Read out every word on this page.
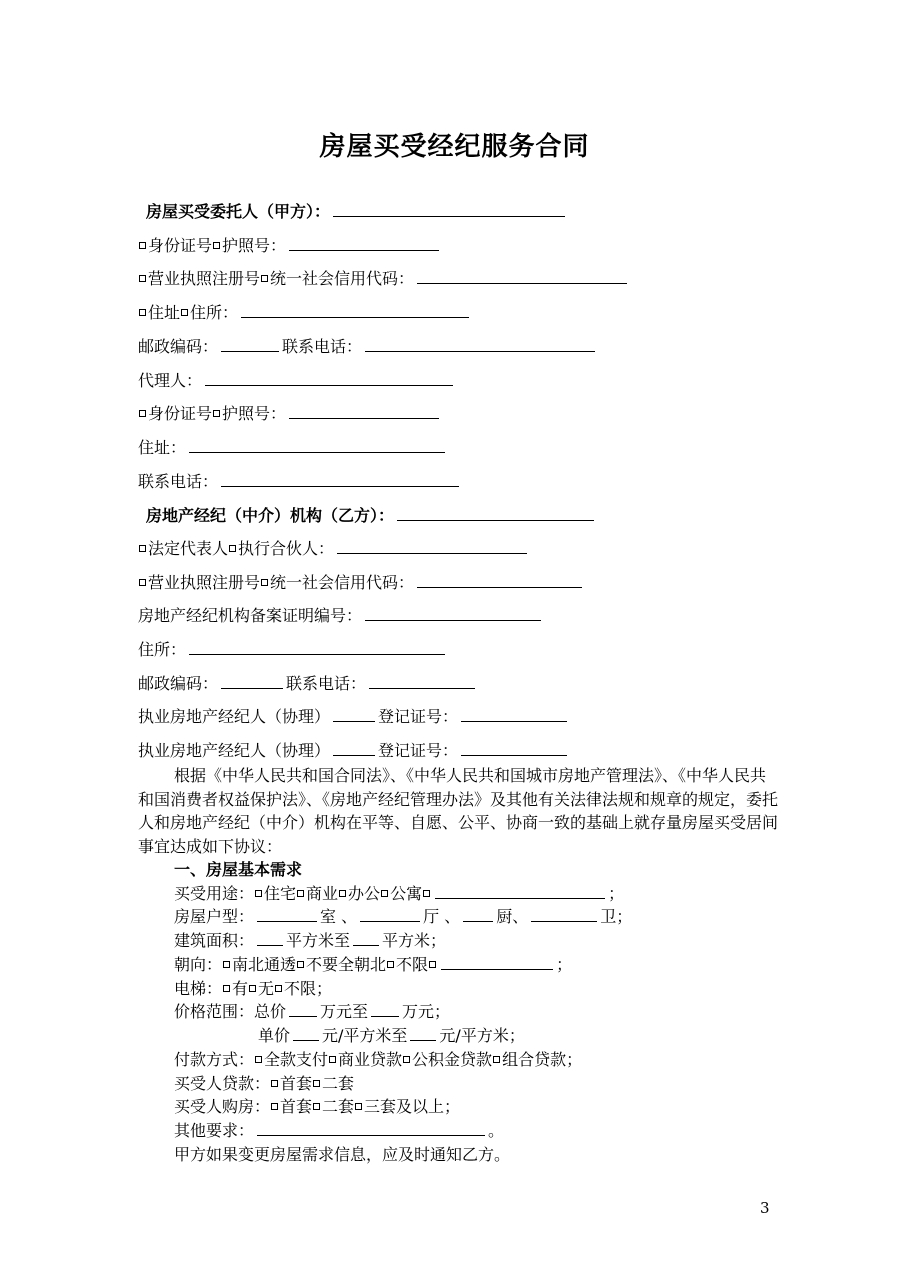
房屋买受经纪服务合同
房屋买受委托人（甲方）：
身份证号 护照号：
营业执照注册号 统一社会信用代码：
住址 住所：
邮政编码：	联系电话：
代理人：
身份证号 护照号：
住址：
联系电话：
房地产经纪（中介）机构（乙方）：
法定代表人 执行合伙人：
营业执照注册号 统一社会信用代码：
房地产经纪机构备案证明编号：
住所：
邮政编码：	联系电话：
执业房地产经纪人（协理）	登记证号：
执业房地产经纪人（协理）	登记证号：
根据《中华人民共和国合同法》、《中华人民共和国城市房地产管理法》、《中华人民共和国消费者权益保护法》、《房地产经纪管理办法》及其他有关法律法规和规章的规定，委托人和房地产经纪（中介）机构在平等、自愿、公平、协商一致的基础上就存量房屋买受居间事宜达成如下协议：
一、房屋基本需求
买受用途： 住宅 商业 办公 公寓	；
房屋户型：	室 、	厅 、 厨、	卫；
建筑面积： 平方米至 平方米；
朝向： 南北通透 不要全朝北 不限	；
电梯： 有 无 不限；
价格范围：总价 万元至 万元；
单价 元/平方米至 元/平方米；
付款方式： 全款支付 商业贷款 公积金贷款 组合贷款；
买受人贷款： 首套 二套
买受人购房： 首套 二套 三套及以上；
其他要求：	。
甲方如果变更房屋需求信息，应及时通知乙方。
3
